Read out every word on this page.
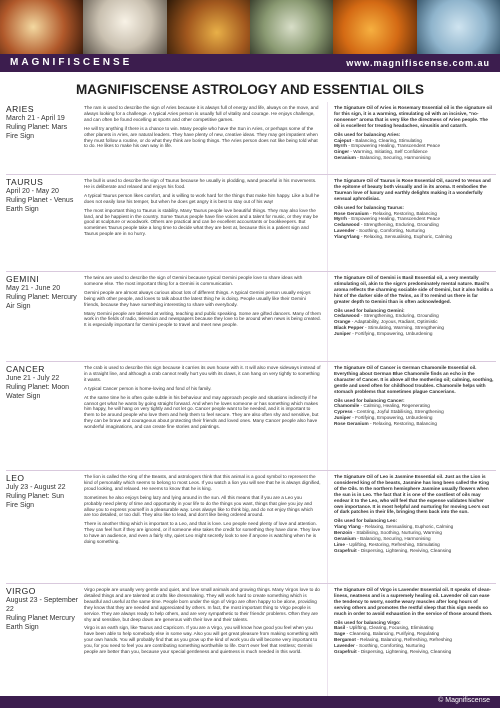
MAGNIFISCENSE	www.magnifiscense.com.au
MAGNIFISCENSE ASTROLOGY AND ESSENTIAL OILS
ARIES
March 21 - April 19
Ruling Planet: Mars
Fire Sign

The ram is used to describe the sign of Aries because it is always full of energy and life, always on the move, and always looking for a challenge. A typical Aries person is usually full of vitality and courage. He enjoys challenge, and can often be found excelling at sports and other competitive games.

He will try anything if there is a chance to win. Many people who have the Sun in Aries, or perhaps some of the other planets in Aries, are natural leaders. They have plenty of new, creative ideas. They may get impatient when they must follow a routine, or do what they think are boring things. The Aries person does not like being told what to do. He likes to make his own way in life.

The Signature Oil of Aries is Rosemary Essential oil is the signature oil for this sign, it is a warming, stimulating oil with an incisive, "no-nonsense" aroma that is very like the directness of Arien people. The oil is excellent for treating headaches, sinusitis and catarrh.

Oils used for balancing Aries:

Cajeput - Balancing, Clearing, Stimulating
Myrrh - Empowering Healing, Transcendent Peace
Ginger - Warming, Initiating, Self Confidence
Geranium - Balancing, Securing, Harmonising
TAURUS
April 20 - May 20
Ruling Planet - Venus
Earth Sign

The bull is used to describe the sign of Taurus because he usually is plodding, wand peaceful in his movements. He is deliberate and relaxed and enjoys his food.

A typical Taurus person likes comfort, and is willing to work hard for the things that make him happy. Like a bull he does not easily lose his temper, but when he does get angry it is best to stay out of his way!

The most important thing to Taurus is stability. Many Taurus people love beautiful things. They may also love the land, and be happiest in the country. Some Taurus people have fine voices and a talent for music, or they may be good at sculpture or woodwork. Others are practical and can be excellent accountants or bookkeepers. But sometimes Taurus people take a long time to decide what they are best at, because this is a patient sign and Taurus people are in no hurry.

The Signature Oil of Taurus is Rose Essential Oil, sacred to Venus and the epitome of beauty both visually and in its aroma. It embodies the Taurean love of luxury and earthly delights making it a wonderfully sensual aphrodisiac.

Oils used for balancing Taurus:

Rose Geranium - Relaxing, Restoring, Balancing
Myrrh - Empowering Healing, Transcendent Peace
Cedarwood - Strengthening, Enduring, Grounding
Lavender - Soothing, Comforting, Nurturing
YlangYlang - Relaxing, Sensualising, Euphoric, Calming
GEMINI
May 21 - June 20
Ruling Planet: Mercury
Air Sign

The twins are used to describe the sign of Gemini because typical Gemini people love to share ideas with someone else. The most important thing for a Gemini is communication.

Gemini people are almost always curious about lots of different things. A typical Gemini person usually enjoys being with other people, and loves to talk about the latest thing he is doing. People usually like their Gemini friends, because they have something interesting to share with everybody.

Many Gemini people are talented at writing, teaching and public speaking. Some are gifted dancers. Many of them work in the fields of radio, television and newspapers because they love to be around when news is being created. It is especially important for Gemini people to travel and meet new people.

The Signature Oil of Gemini is Basil Essential oil, a very mentally stimulating oil, akin to the sign's predominately mental nature. Basil's aroma reflects the charming sociable side of Gemini, but it also holds a hint of the darker side of the Twins, as if to remind us there is far greater depth to Gemini than is often acknowledged.

Oils used for balancing Gemini:

Cedarwood - Strengthening, Enduring, Grounding
Orange - Adaptability, Joyous, Radiant, Optimistic
Black Pepper - Stimulating, Warming, Strengthening
Juniper - Fortifying, Empowering, Unburdening
CANCER
June 21 - July 22
Ruling Planet: Moon
Water Sign

The crab is used to describe this sign because it carries its own house with it. It will also move sideways instead of in a straight line, and although a crab cannot really hurt you with its claws, it can hang on very tightly to something it wants.

A typical Cancer person is home-loving and fond of his family.

At the same time he is often quite subtle in his behaviour and may approach people and situations indirectly if he cannot get what he wants by going straight forward. And when he loves someone or has something which makes him happy, he will hang on very tightly and not let go. Cancer people want to be needed, and it is important to them to be around people who love them and help them to feel secure. They are also often shy and sensitive, but they can be brave and courageous about protecting their friends and loved ones. Many Cancer people also have wonderful imaginations, and can create fine stories and paintings.

The Signature Oil of Cancer is German Chamomile Essential oil. Everything about German Blue Chamomile finds an echo in the character of Cancer. It is above all the mothering oil; calming, soothing, gentle and used often for childhood troubles. Chamomile helps with stomach problems that sometimes plague Cancerians.

Oils used for balancing Cancer:

Chamomile - Calming, Healing, Regenerating
Cypress - Centring, Joyful Stabilising, Strengthening
Juniper - Fortifying, Empowering, Unburdening
Rose Geranium - Relaxing, Restoring, Balancing
LEO
July 23 - August 22
Ruling Planet: Sun
Fire Sign

The lion is called the King of the Beasts, and astrologers think that this animal is a good symbol to represent the kind of personality which seems to belong to most Leos. If you watch a lion you will see that he is always dignified, proud looking, and relaxed. He seems to know that he is king.

Sometimes he also enjoys being lazy and lying around in the sun. All this means that if you are a Leo you probably need plenty of time and opportunity in your life to do the things you want, things that give you joy and allow you to express yourself in a pleasurable way. Leos always like to think big, and do not enjoy things which are too detailed, or too dull. They also like to lead, and don't like being ordered around.

There is another thing which is important to a Leo, and that is love. Leo people need plenty of love and attention. They can feel hurt if they are ignored, or if someone else takes the credit for something they have done. They love to have an audience, and even a fairly shy, quiet Leo might secretly look to see if anyone is watching when he is doing something.

The Signature Oil of Leo is Jasmine Essential oil. Just as the Lion is considered king of the beasts, Jasmine has long been called the King of the Oils. In the northern hemisphere Jasmine usually flowers when the sun is in Leo. The fact that it is one of the costliest of oils may endear it to the Leo, who will feel that the expense validates his/her own importance. It is most helpful and nurturing for moving Leo's out of dark patches in their life, bringing them back into the sun.

Oils used for balancing Leo:

Ylang Ylang - Relaxing, Sensualising, Euphoric, Calming
Benzoin - Stabilising, Soothing, Nurturing, Warming
Geranium - Balancing, Securing, Harmonising
Lime - Uplifting, Restoring, Refreshing, Stimulating
Grapefruit - Dispersing, Lightening, Reviving, Cleansing
VIRGO
August 23 - September 22
Ruling Planet Mercury
Earth Sign

Virgo people are usually very gentle and quiet, and love small animals and growing things. Many Virgos love to do detailed things and are talented at crafts like dressmaking. They will work hard to create something which is beautiful and useful at the same time. People born under the sign of Virgo are often happy to be alone, providing they know that they are needed and appreciated by others. In fact, the most important thing to Virgo people is service. They are always ready to help others, and are very sympathetic to their friends' problems. Often they are shy and sensitive, but deep down are generous with their love and their talents.

Virgo is an earth sign, like Taurus and Capricorn. If you are a Virgo, you will know how good you feel when you have been able to help somebody else in some way. Also you will get great pleasure from making something with your own hands. You will probably find that as you grow up the kind of work you do will become very important to you, for you need to feel you are contributing something worthwhile to life. Don't ever feel that restless; Gemini people are better than you, because your special gentleness and quietness is much needed in this world.

The Signature Oil of Virgo is Lavender Essential oil. It speaks of clean-liness, neatness and is a supremely healing oil. Lavender oil can ease the tendency to worry, soothe weary muscles after long hours of serving others and promotes the restful sleep that this sign needs so much in order to avoid exhaustion in the service of those around them.

Oils used for balancing Virgo:

Basil - Uplifting, Clearing, Focusing, Eliminating
Sage - Cleansing, Balancing, Purifying, Regulating
Bergamot - Relaxing, Balancing, Refreshing, Refreshing
Lavender - Soothing, Comforting, Nurturing
Grapefruit - Dispersing, Lightening, Reviving, Cleansing
© Magnifiscense
